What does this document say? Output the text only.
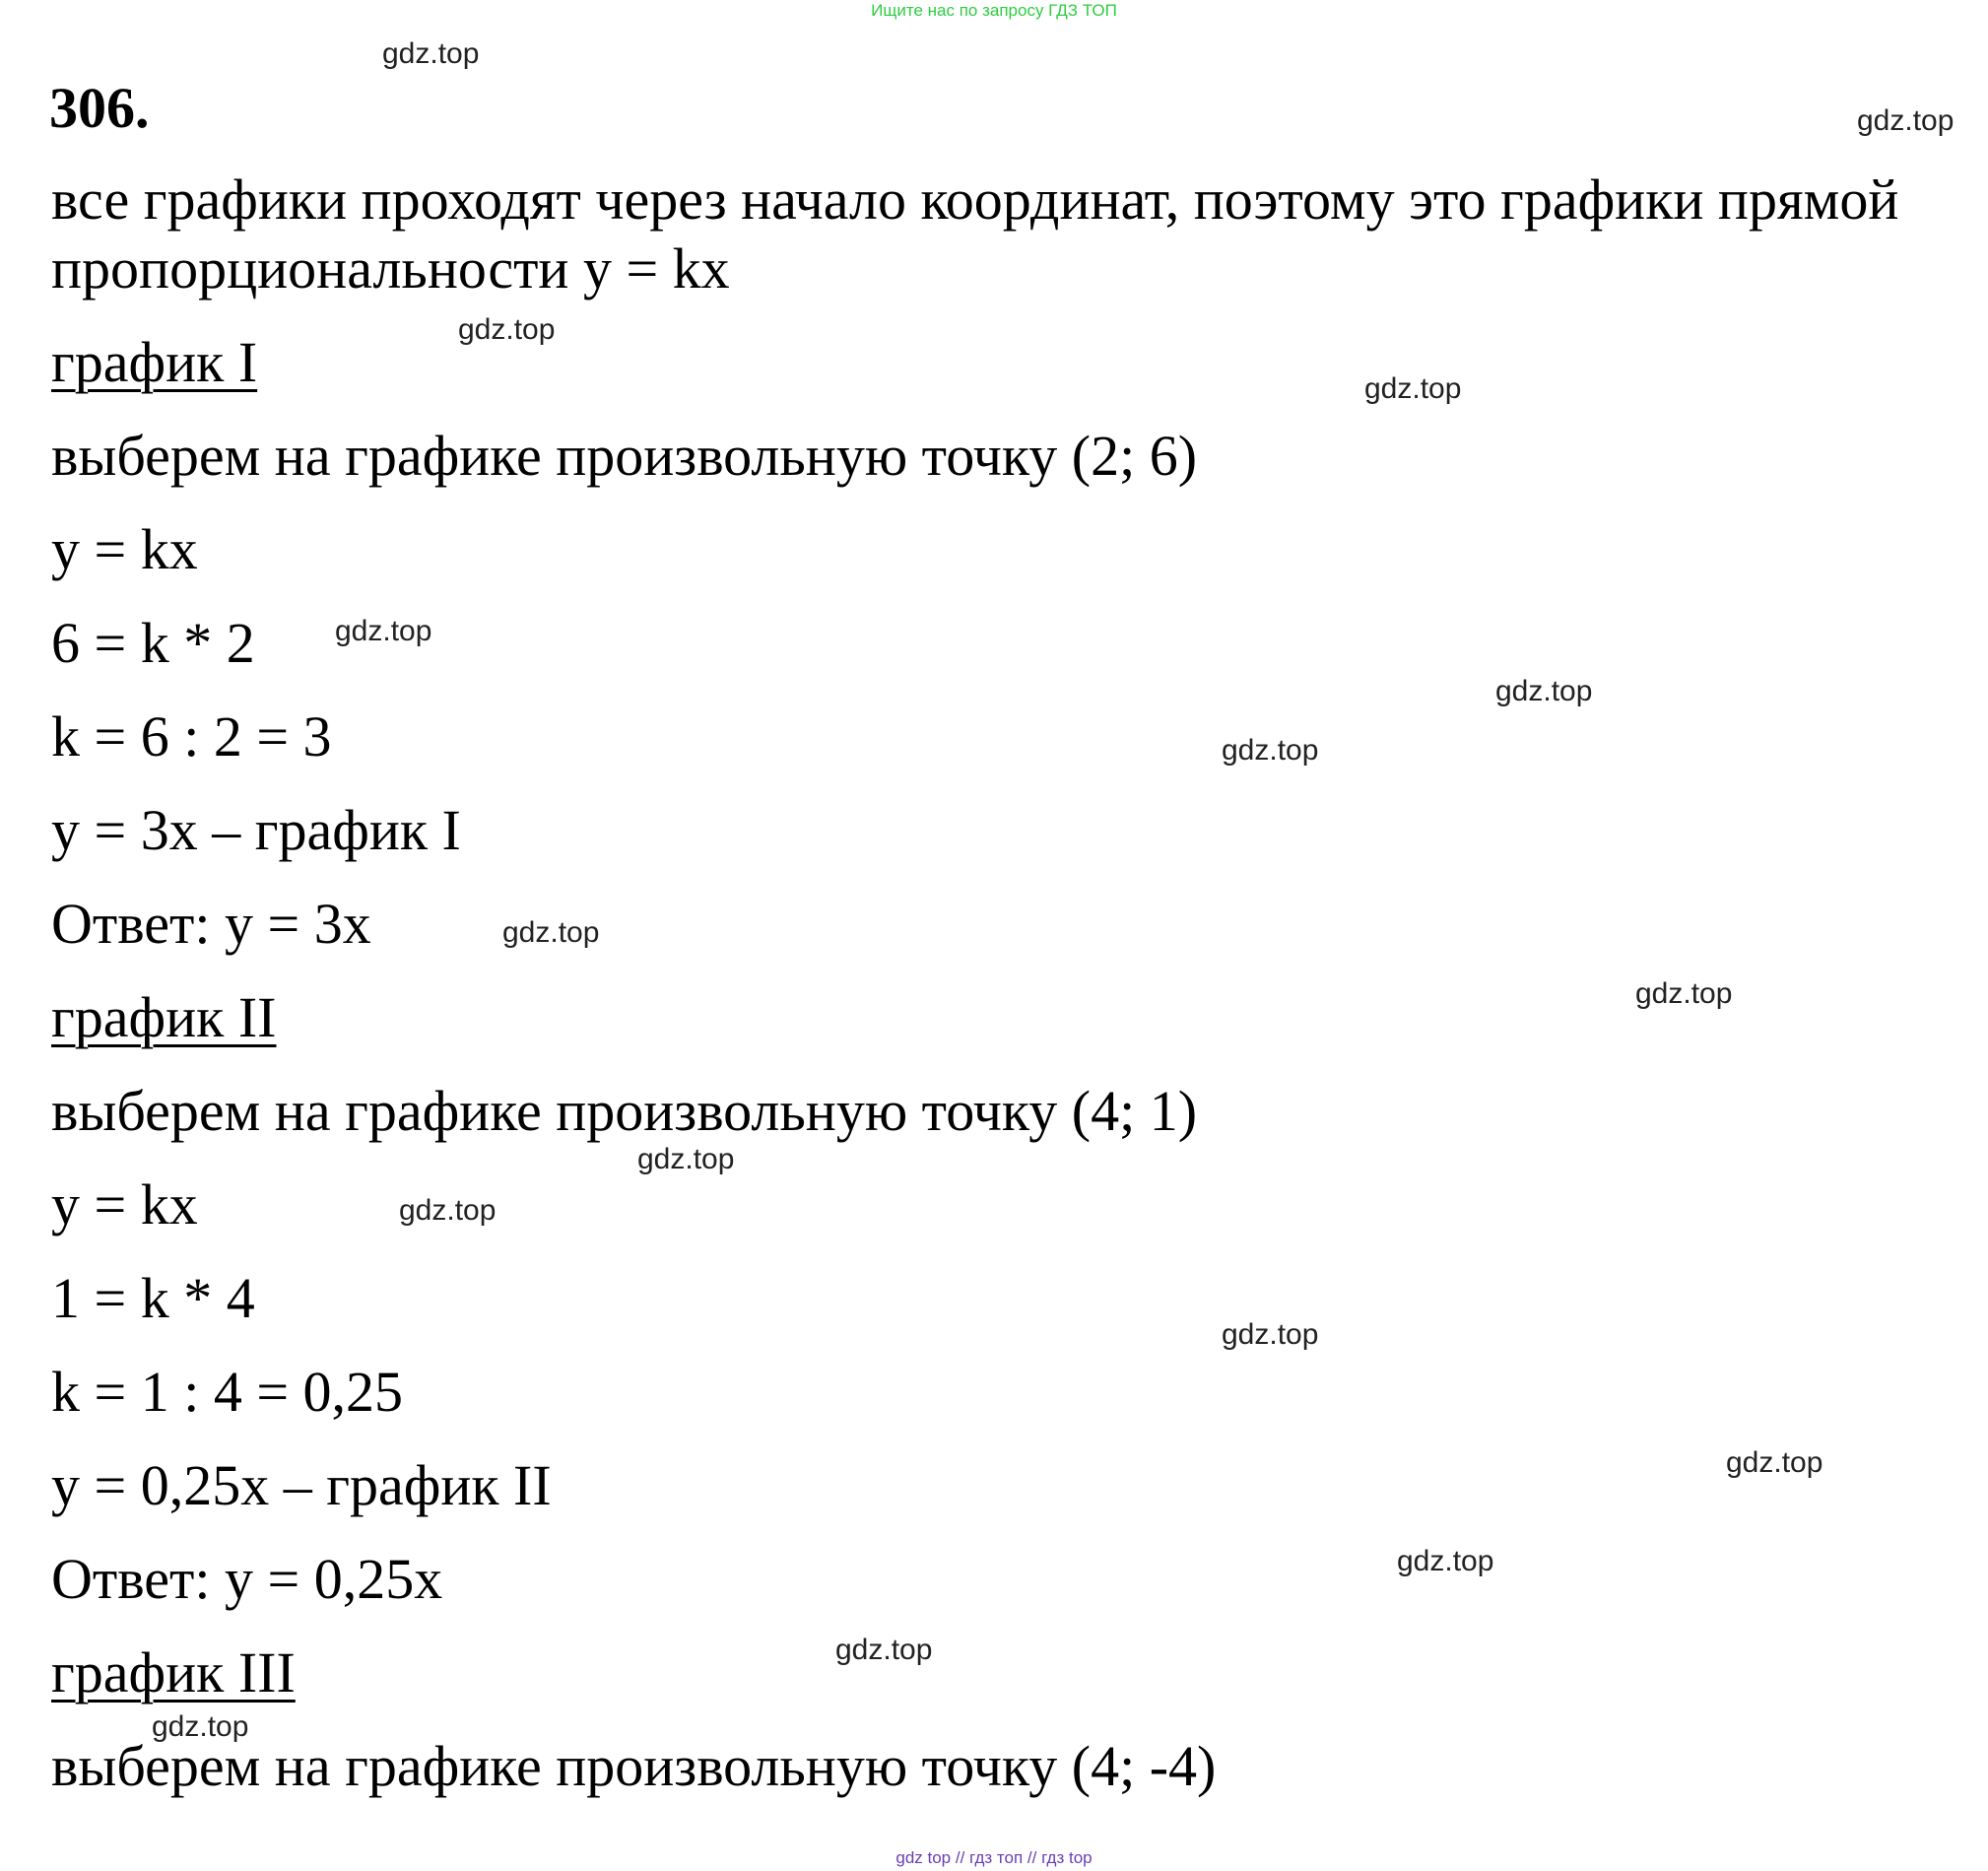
Ищите нас по запросу ГДЗ ТОП
306.
все графики проходят через начало координат, поэтому это графики прямой
пропорциональности y = kx
график I
выберем на графике произвольную точку (2; 6)
y = kx
6 = k * 2
k = 6 : 2 = 3
y = 3x – график I
Ответ: y = 3x
график II
выберем на графике произвольную точку (4; 1)
y = kx
1 = k * 4
k = 1 : 4 = 0,25
y = 0,25x – график II
Ответ: y = 0,25x
график III
выберем на графике произвольную точку (4; -4)
gdz.top
gdz.top
gdz.top
gdz.top
gdz.top
gdz.top
gdz.top
gdz.top
gdz.top
gdz.top
gdz.top
gdz.top
gdz.top
gdz.top
gdz.top
gdz.top
gdz top // гдз топ // гдз top
